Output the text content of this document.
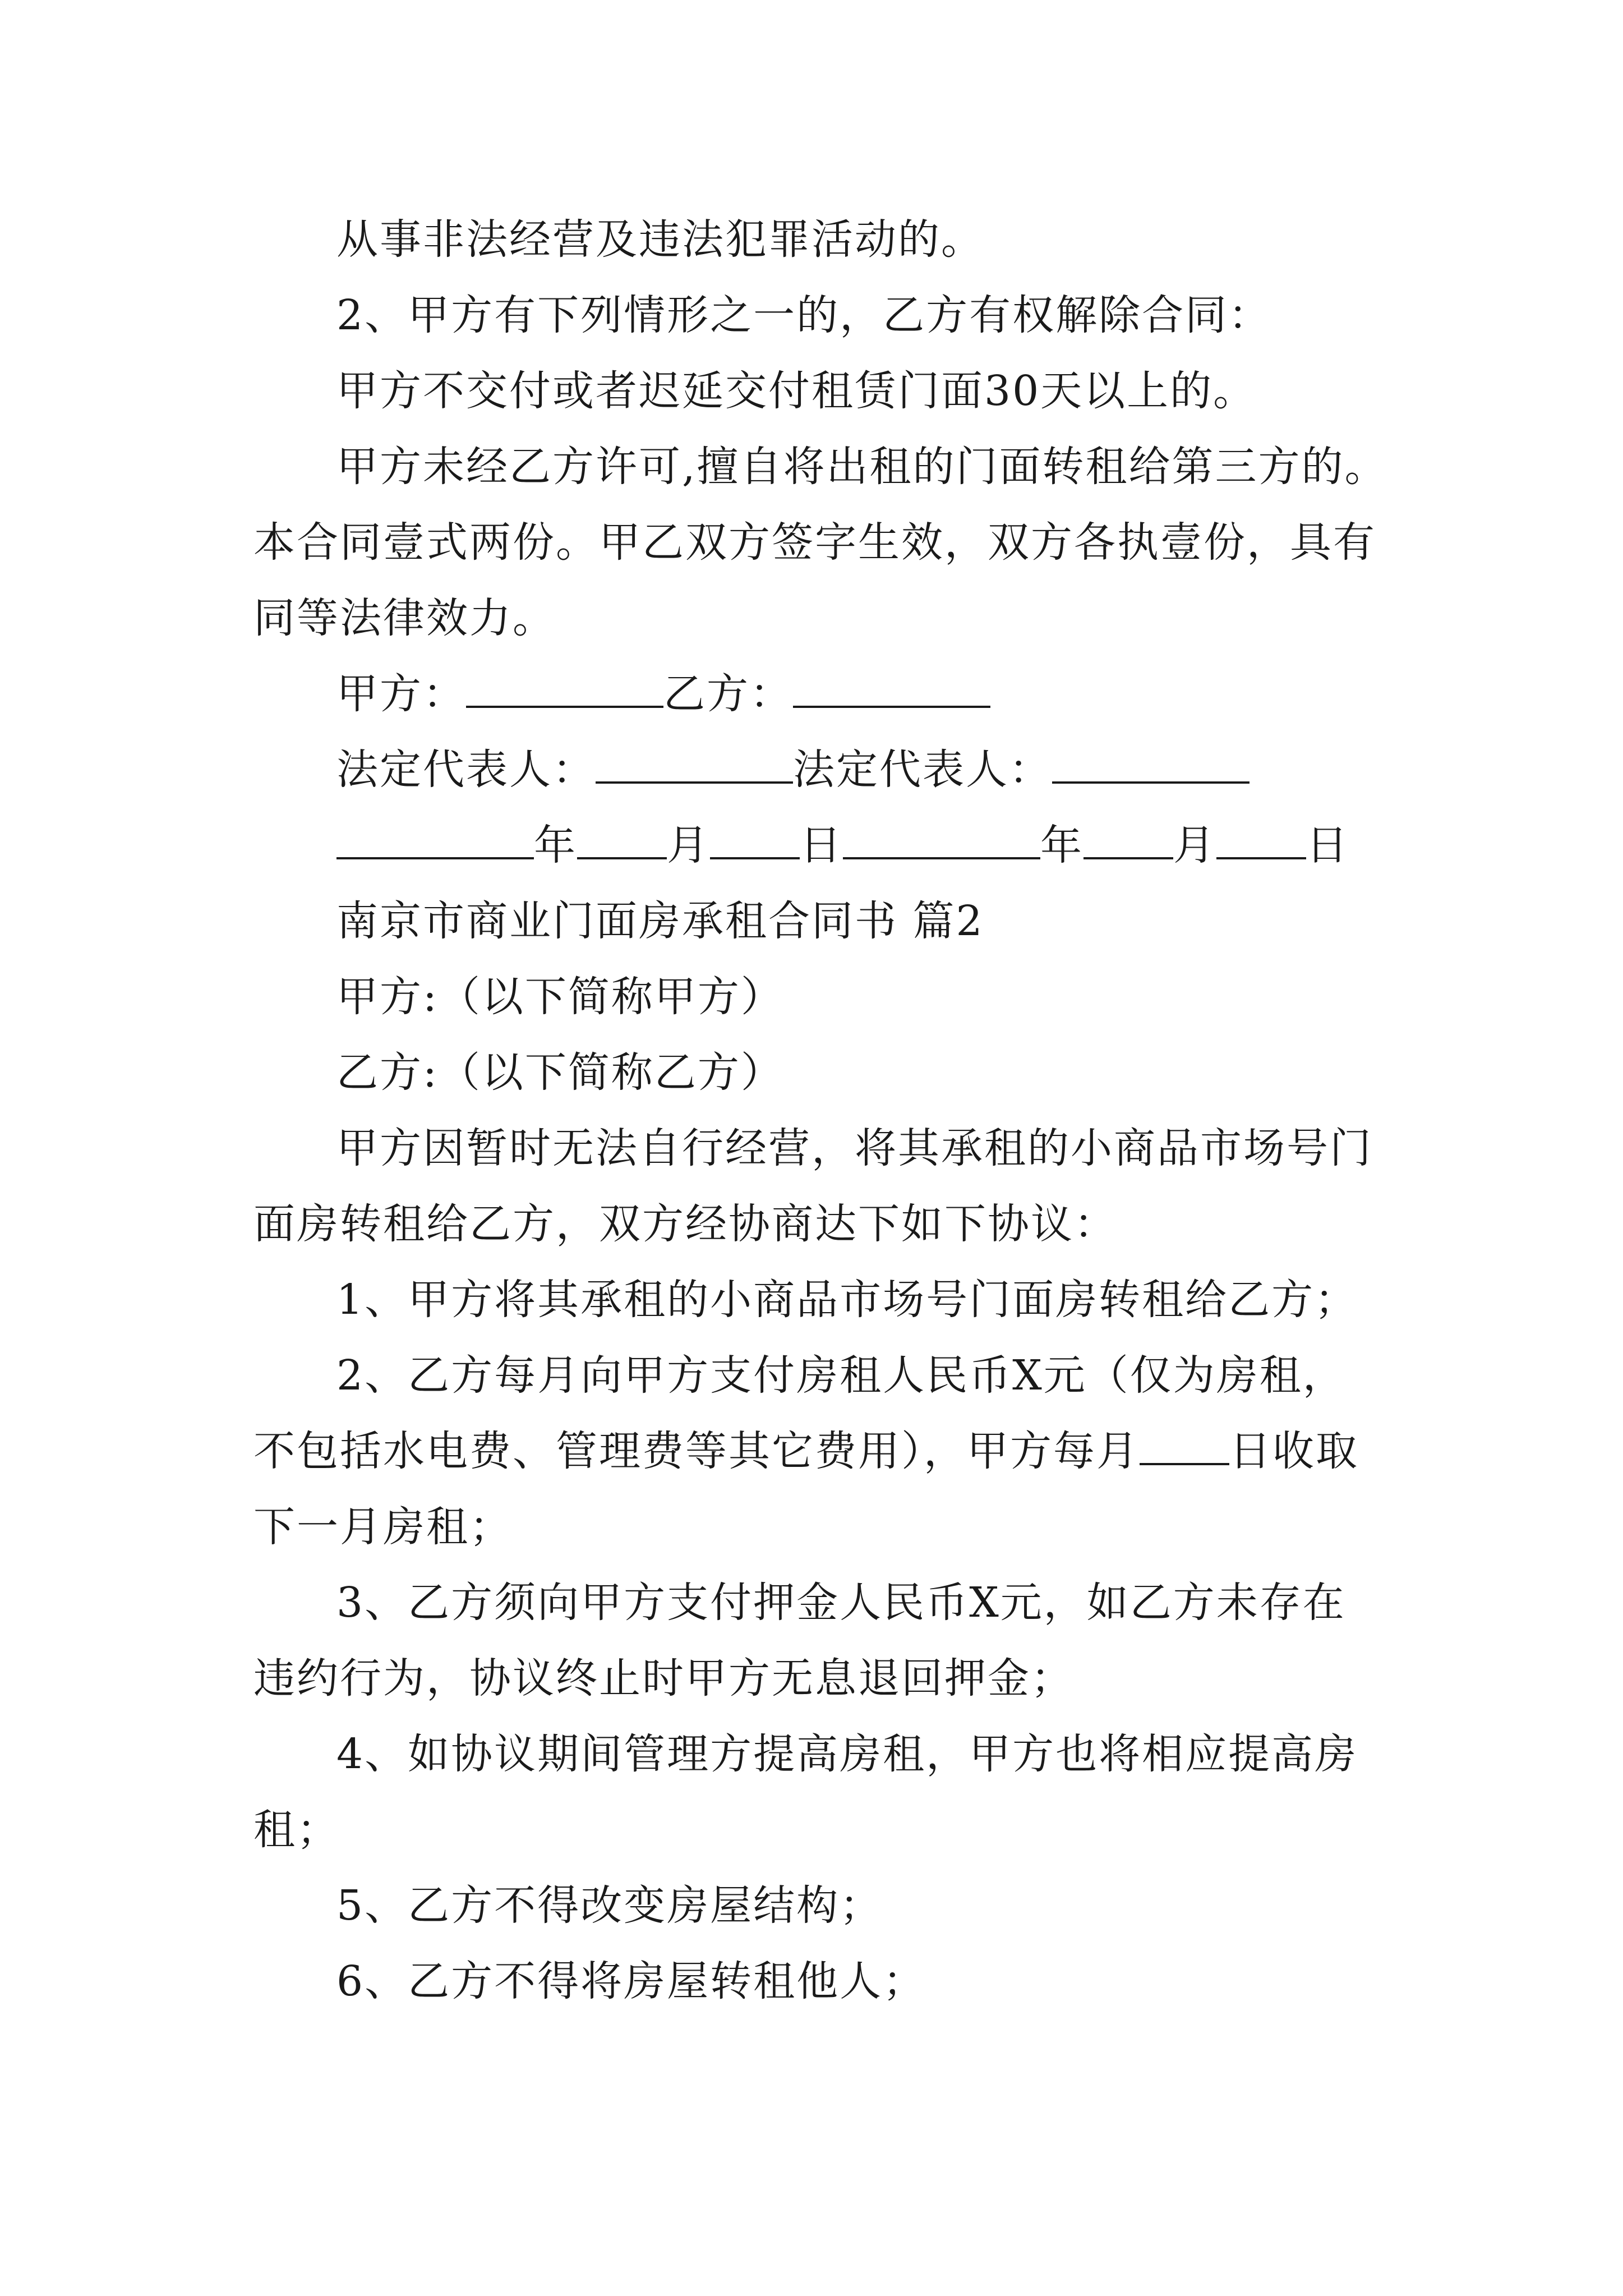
从事非法经营及违法犯罪活动的。
2、甲方有下列情形之一的，乙方有权解除合同：
甲方不交付或者迟延交付租赁门面30天以上的。
甲方未经乙方许可,擅自将出租的门面转租给第三方的。
本合同壹式两份。甲乙双方签字生效，双方各执壹份，具有
同等法律效力。
甲方：	乙方：
法定代表人：	法定代表人：
年 月 日	年 月 日
南京市商业门面房承租合同书 篇2
甲方:（以下简称甲方）
乙方:（以下简称乙方）
甲方因暂时无法自行经营，将其承租的小商品市场号门
面房转租给乙方，双方经协商达下如下协议：
1、甲方将其承租的小商品市场号门面房转租给乙方；
2、乙方每月向甲方支付房租人民币X元（仅为房租，
不包括水电费、管理费等其它费用），甲方每月 日收取
下一月房租；
3、乙方须向甲方支付押金人民币X元，如乙方未存在
违约行为，协议终止时甲方无息退回押金；
4、如协议期间管理方提高房租，甲方也将相应提高房
租；
5、乙方不得改变房屋结构；
6、乙方不得将房屋转租他人；
